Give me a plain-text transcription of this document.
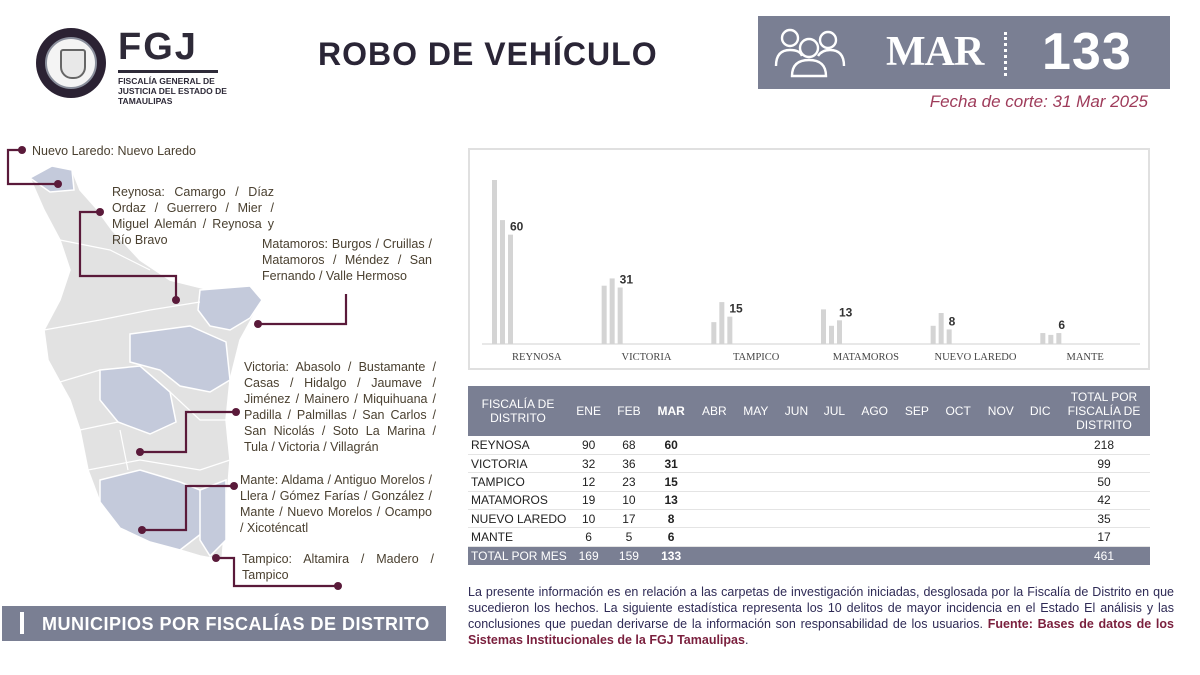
FGJ
FISCALÍA GENERAL DE JUSTICIA DEL ESTADO DE TAMAULIPAS
ROBO DE VEHÍCULO	MAR 133
Fecha de corte: 31 Mar 2025
Nuevo Laredo: Nuevo Laredo
Reynosa: Camargo / Díaz Ordaz / Guerrero / Mier / Miguel Alemán / Reynosa y Río Bravo	Matamoros: Burgos / Cruillas / Matamoros / Méndez / San Fernando / Valle Hermoso
Victoria: Abasolo / Bustamante / Casas / Hidalgo / Jaumave / Jiménez / Mainero / Miquihuana / Padilla / Palmillas / San Carlos / San Nicolás / Soto La Marina / Tula / Victoria / Villagrán
Mante: Aldama / Antiguo Morelos / Llera / Gómez Farías / González / Mante / Nuevo Morelos / Ocampo / Xicoténcatl
Tampico: Altamira / Madero / Tampico
MUNICIPIOS POR FISCALÍAS DE DISTRITO
60
REYNOSA
31
VICTORIA
15
TAMPICO
13
MATAMOROS
8
NUEVO LAREDO
6
MANTE
FISCALÍA DE DISTRITO	ENE	FEB	MAR	ABR	MAY	JUN	JUL	AGO	SEP	OCT	NOV	DIC	TOTAL POR FISCALÍA DE DISTRITO
REYNOSA	90	68	60										218
VICTORIA	32	36	31										99
TAMPICO	12	23	15										50
MATAMOROS	19	10	13										42
NUEVO LAREDO	10	17	8										35
MANTE	6	5	6										17
TOTAL POR MES	169	159	133										461
La presente información es en relación a las carpetas de investigación iniciadas, desglosada por la Fiscalía de Distrito en que sucedieron los hechos. La siguiente estadística representa los 10 delitos de mayor incidencia en el Estado El análisis y las conclusiones que puedan derivarse de la información son responsabilidad de los usuarios. Fuente: Bases de datos de los Sistemas Institucionales de la FGJ Tamaulipas.
